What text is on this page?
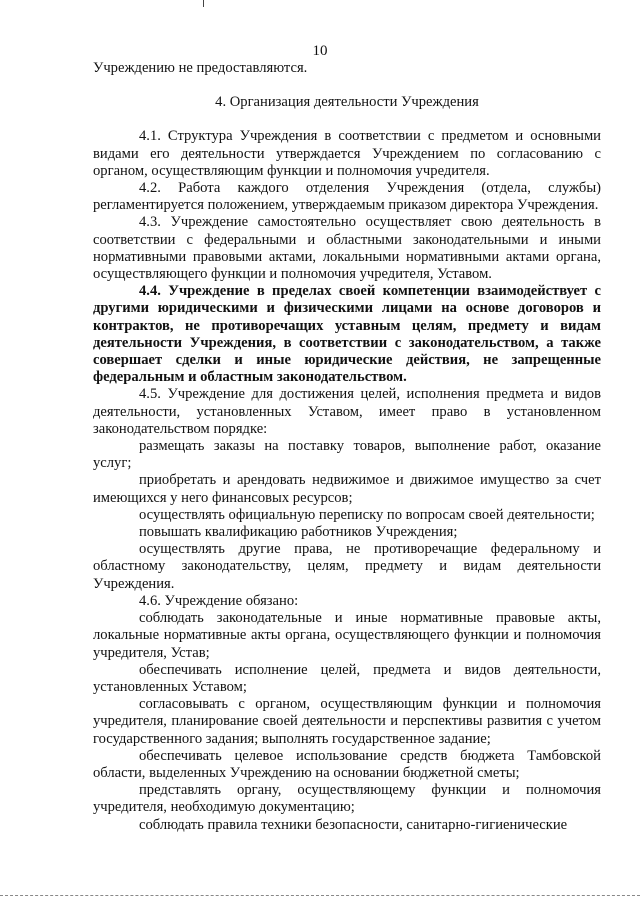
10

Учреждению не предоставляются.

4. Организация деятельности Учреждения

4.1. Структура Учреждения в соответствии с предметом и основными видами его деятельности утверждается Учреждением по согласованию с органом, осуществляющим функции и полномочия учредителя.

4.2. Работа каждого отделения Учреждения (отдела, службы) регламентируется положением, утверждаемым приказом директора Учреждения.

4.3. Учреждение самостоятельно осуществляет свою деятельность в соответствии с федеральными и областными законодательными и иными нормативными правовыми актами, локальными нормативными актами органа, осуществляющего функции и полномочия учредителя, Уставом.

4.4. Учреждение в пределах своей компетенции взаимодействует с другими юридическими и физическими лицами на основе договоров и контрактов, не противоречащих уставным целям, предмету и видам деятельности Учреждения, в соответствии с законодательством, а также совершает сделки и иные юридические действия, не запрещенные федеральным и областным законодательством.

4.5. Учреждение для достижения целей, исполнения предмета и видов деятельности, установленных Уставом, имеет право в установленном законодательством порядке:

размещать заказы на поставку товаров, выполнение работ, оказание услуг;

приобретать и арендовать недвижимое и движимое имущество за счет имеющихся у него финансовых ресурсов;

осуществлять официальную переписку по вопросам своей деятельности;

повышать квалификацию работников Учреждения;

осуществлять другие права, не противоречащие федеральному и областному законодательству, целям, предмету и видам деятельности Учреждения.

4.6. Учреждение обязано:

соблюдать законодательные и иные нормативные правовые акты, локальные нормативные акты органа, осуществляющего функции и полномочия учредителя, Устав;

обеспечивать исполнение целей, предмета и видов деятельности, установленных Уставом;

согласовывать с органом, осуществляющим функции и полномочия учредителя, планирование своей деятельности и перспективы развития с учетом государственного задания; выполнять государственное задание;

обеспечивать целевое использование средств бюджета Тамбовской области, выделенных Учреждению на основании бюджетной сметы;

представлять органу, осуществляющему функции и полномочия учредителя, необходимую документацию;

соблюдать правила техники безопасности, санитарно-гигиенические
